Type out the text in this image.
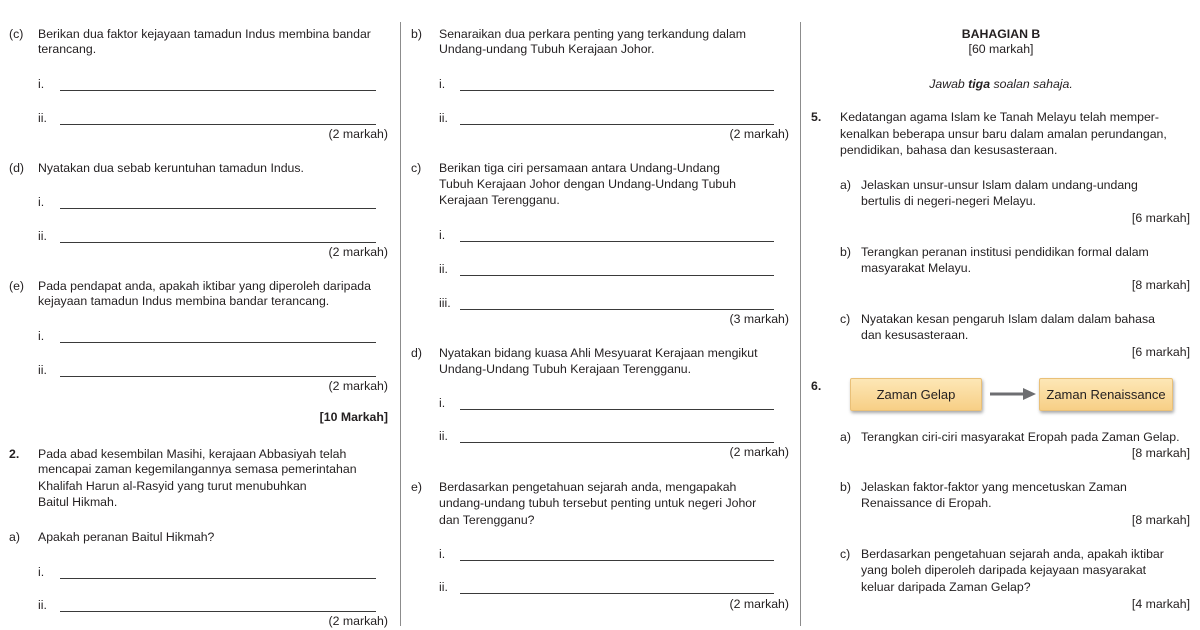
(c) Berikan dua faktor kejayaan tamadun Indus membina bandar
terancang.
i.
ii.
(2 markah)
(d) Nyatakan dua sebab keruntuhan tamadun Indus.
i.
ii.
(2 markah)
(e) Pada pendapat anda, apakah iktibar yang diperoleh daripada
kejayaan tamadun Indus membina bandar terancang.
i.
ii.
(2 markah)
[10 Markah]
2. Pada abad kesembilan Masihi, kerajaan Abbasiyah telah
mencapai zaman kegemilangannya semasa pemerintahan
Khalifah Harun al-Rasyid yang turut menubuhkan
Baitul Hikmah.
a) Apakah peranan Baitul Hikmah?
i.
ii.
(2 markah)
b) Senaraikan dua perkara penting yang terkandung dalam
Undang-undang Tubuh Kerajaan Johor.
i.
ii.
(2 markah)
c) Berikan tiga ciri persamaan antara Undang-Undang
Tubuh Kerajaan Johor dengan Undang-Undang Tubuh
Kerajaan Terengganu.
i.
ii.
iii.
(3 markah)
d) Nyatakan bidang kuasa Ahli Mesyuarat Kerajaan mengikut
Undang-Undang Tubuh Kerajaan Terengganu.
i.
ii.
(2 markah)
e) Berdasarkan pengetahuan sejarah anda, mengapakah
undang-undang tubuh tersebut penting untuk negeri Johor
dan Terengganu?
i.
ii.
(2 markah)
BAHAGIAN B
[60 markah]
Jawab tiga soalan sahaja.
5. Kedatangan agama Islam ke Tanah Melayu telah memper-
kenalkan beberapa unsur baru dalam amalan perundangan,
pendidikan, bahasa dan kesusasteraan.
a) Jelaskan unsur-unsur Islam dalam undang-undang
bertulis di negeri-negeri Melayu.
[6 markah]
b) Terangkan peranan institusi pendidikan formal dalam
masyarakat Melayu.
[8 markah]
c) Nyatakan kesan pengaruh Islam dalam dalam bahasa
dan kesusasteraan.
[6 markah]
6.
Zaman Gelap	Zaman Renaissance
a) Terangkan ciri-ciri masyarakat Eropah pada Zaman Gelap.
[8 markah]
b) Jelaskan faktor-faktor yang mencetuskan Zaman
Renaissance di Eropah.
[8 markah]
c) Berdasarkan pengetahuan sejarah anda, apakah iktibar
yang boleh diperoleh daripada kejayaan masyarakat
keluar daripada Zaman Gelap?
[4 markah]
